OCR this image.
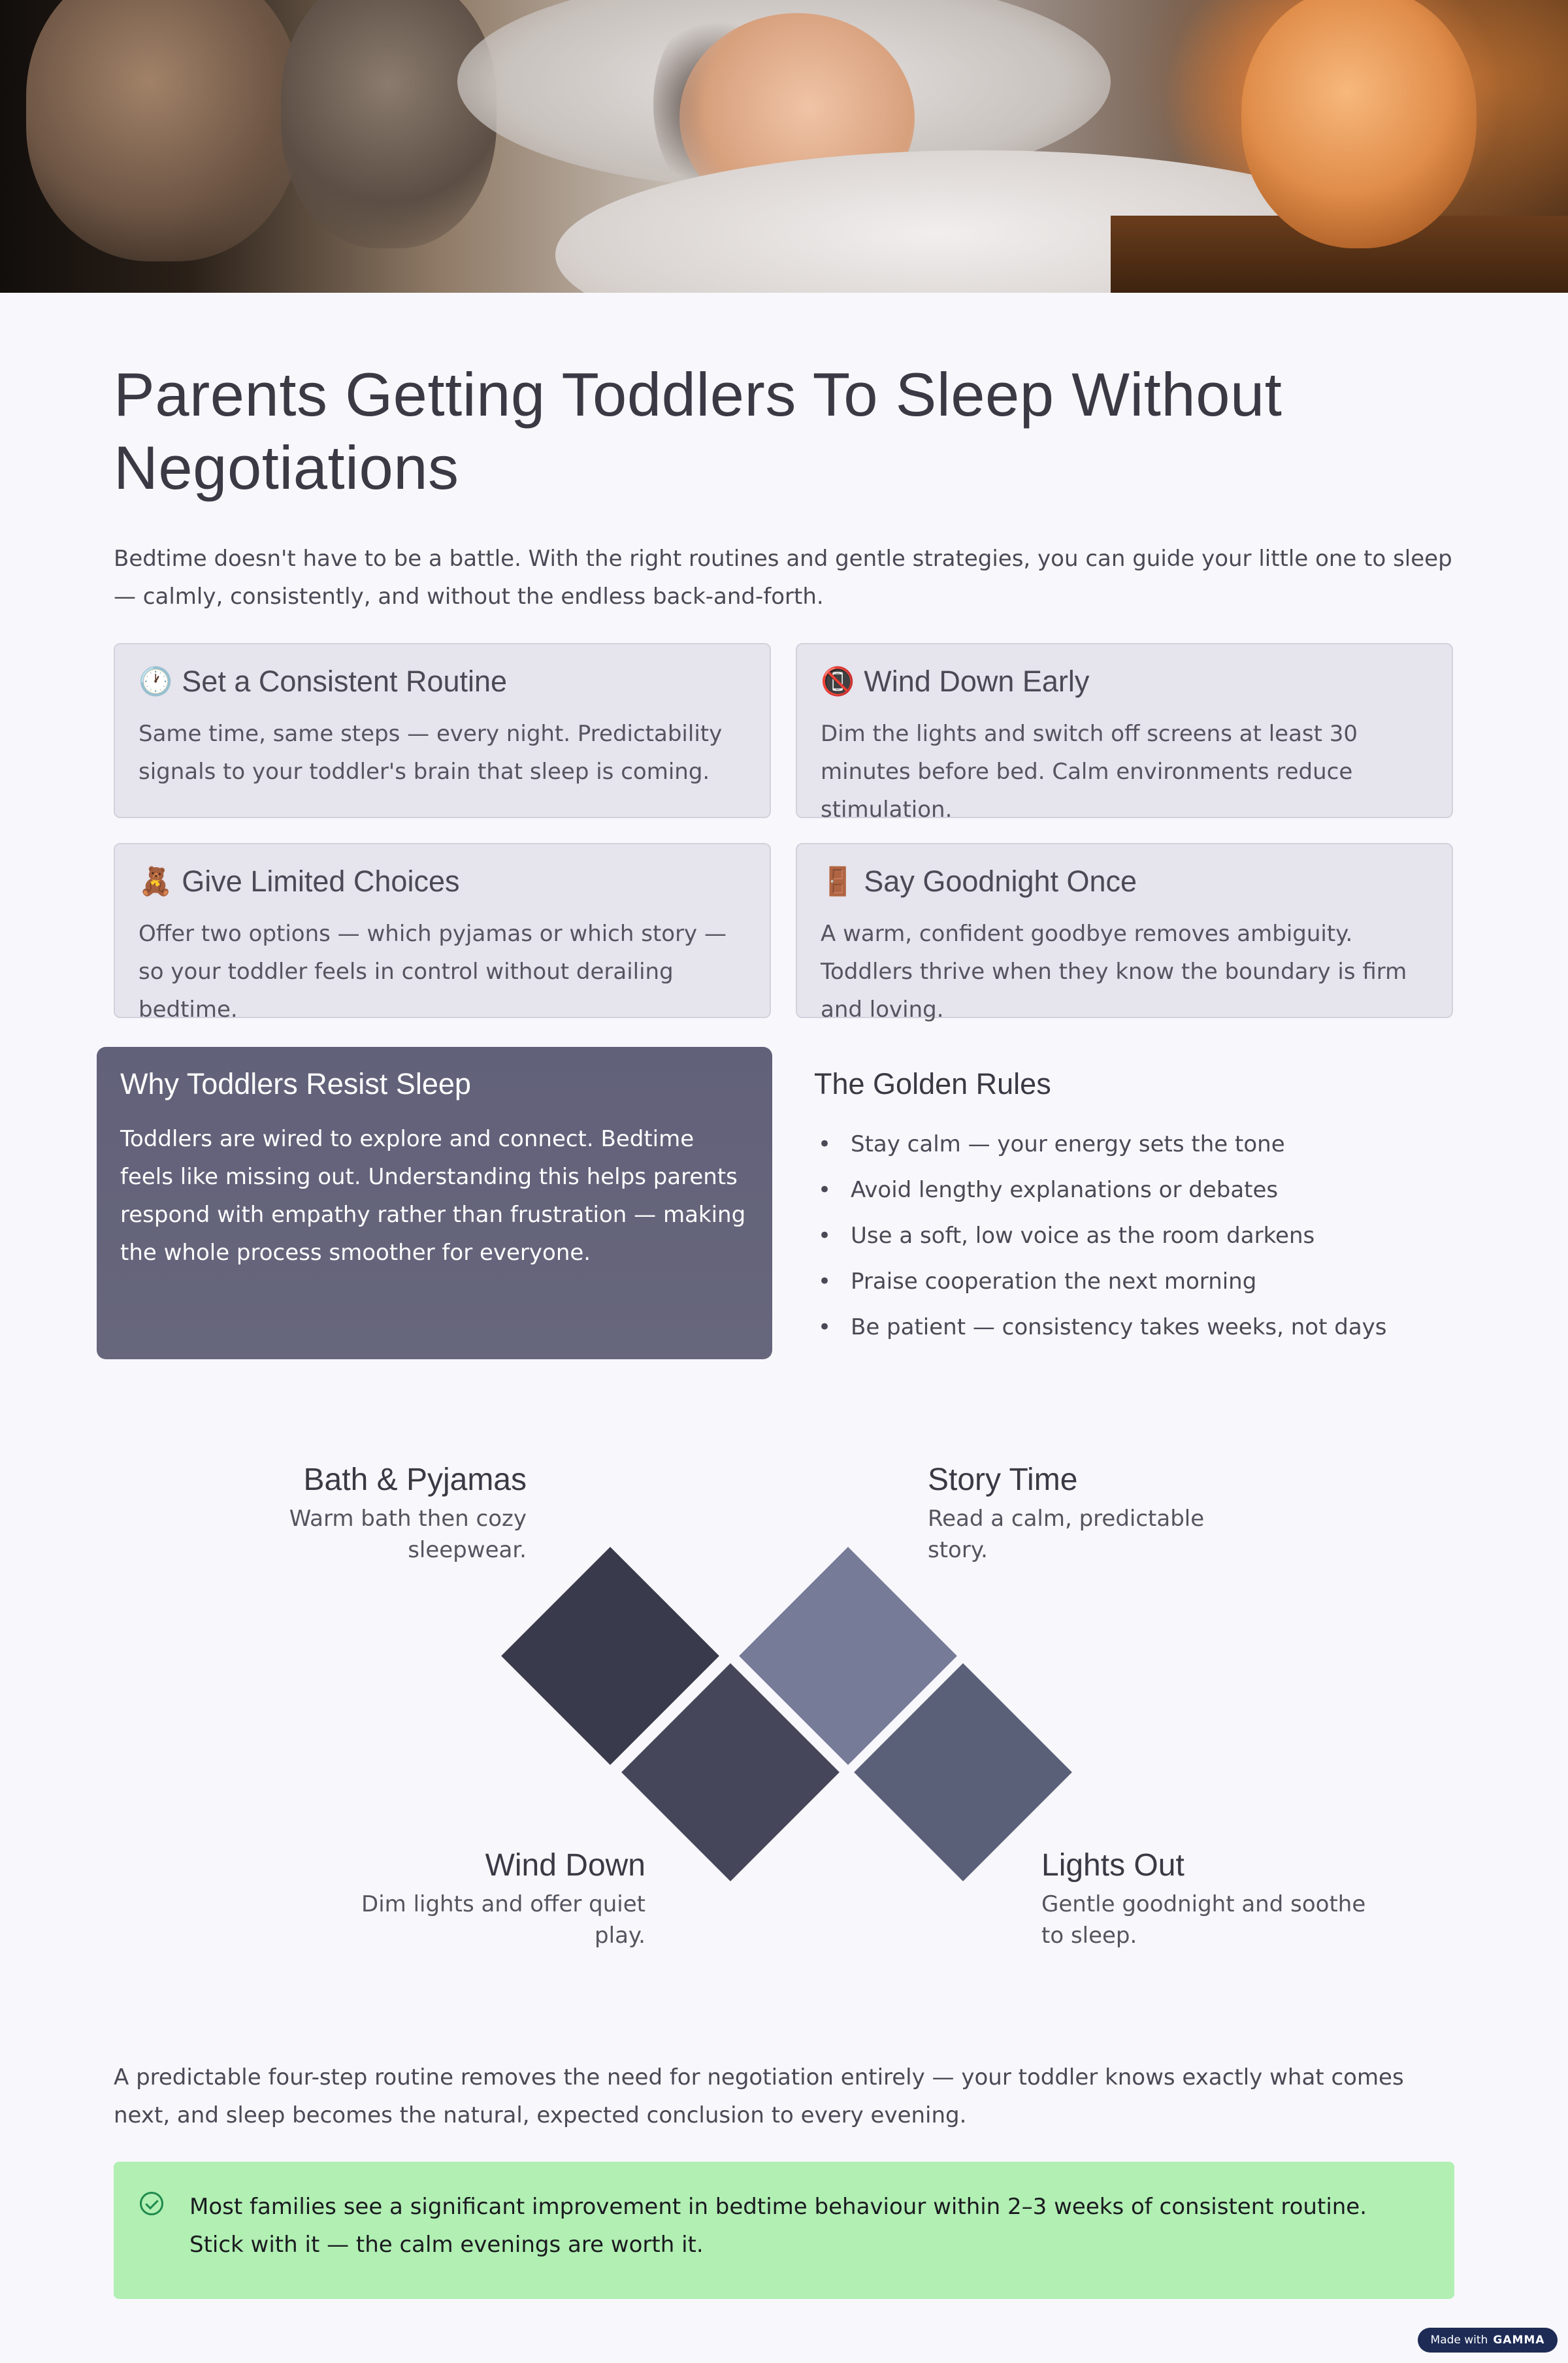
Parents Getting Toddlers To Sleep Without Negotiations

Bedtime doesn't have to be a battle. With the right routines and gentle strategies, you can guide your little one to sleep — calmly, consistently, and without the endless back-and-forth.

🕐 Set a Consistent Routine

Same time, same steps — every night. Predictability signals to your toddler's brain that sleep is coming.

📵 Wind Down Early

Dim the lights and switch off screens at least 30 minutes before bed. Calm environments reduce stimulation.

🧸 Give Limited Choices

Offer two options — which pyjamas or which story — so your toddler feels in control without derailing bedtime.

🚪 Say Goodnight Once

A warm, confident goodbye removes ambiguity. Toddlers thrive when they know the boundary is firm and loving.

Why Toddlers Resist Sleep

Toddlers are wired to explore and connect. Bedtime feels like missing out. Understanding this helps parents respond with empathy rather than frustration — making the whole process smoother for everyone.

The Golden Rules
• Stay calm — your energy sets the tone
• Avoid lengthy explanations or debates
• Use a soft, low voice as the room darkens
• Praise cooperation the next morning
• Be patient — consistency takes weeks, not days
Bath & Pyjamas

Warm bath then cozy sleepwear.

Story Time

Read a calm, predictable story.

Wind Down

Dim lights and offer quiet play.

Lights Out

Gentle goodnight and soothe to sleep.

A predictable four-step routine removes the need for negotiation entirely — your toddler knows exactly what comes next, and sleep becomes the natural, expected conclusion to every evening.

Most families see a significant improvement in bedtime behaviour within 2–3 weeks of consistent routine. Stick with it — the calm evenings are worth it.

Made with GAMMA
